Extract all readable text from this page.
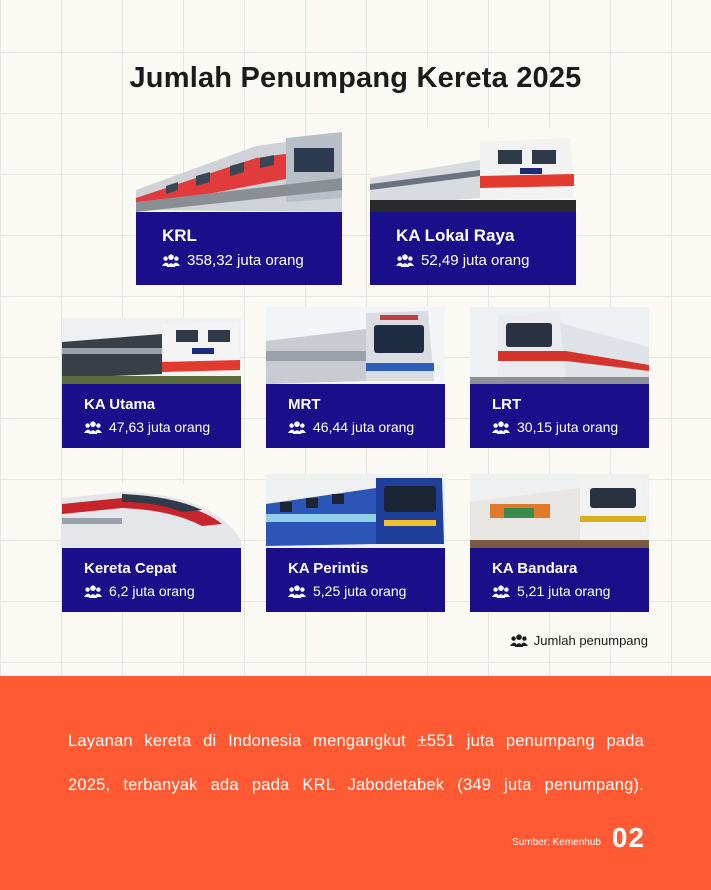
Jumlah Penumpang Kereta 2025
KRL
358,32 juta orang
KA Lokal Raya
52,49 juta orang
KA Utama
47,63 juta orang
MRT
46,44 juta orang
LRT
30,15 juta orang
Kereta Cepat
6,2 juta orang
KA Perintis
5,25 juta orang
KA Bandara
5,21 juta orang
Jumlah penumpang
Layanan kereta di Indonesia mengangkut ±551 juta penumpang pada
2025, terbanyak ada pada KRL Jabodetabek (349 juta penumpang).
Sumber: Kemenhub 02
